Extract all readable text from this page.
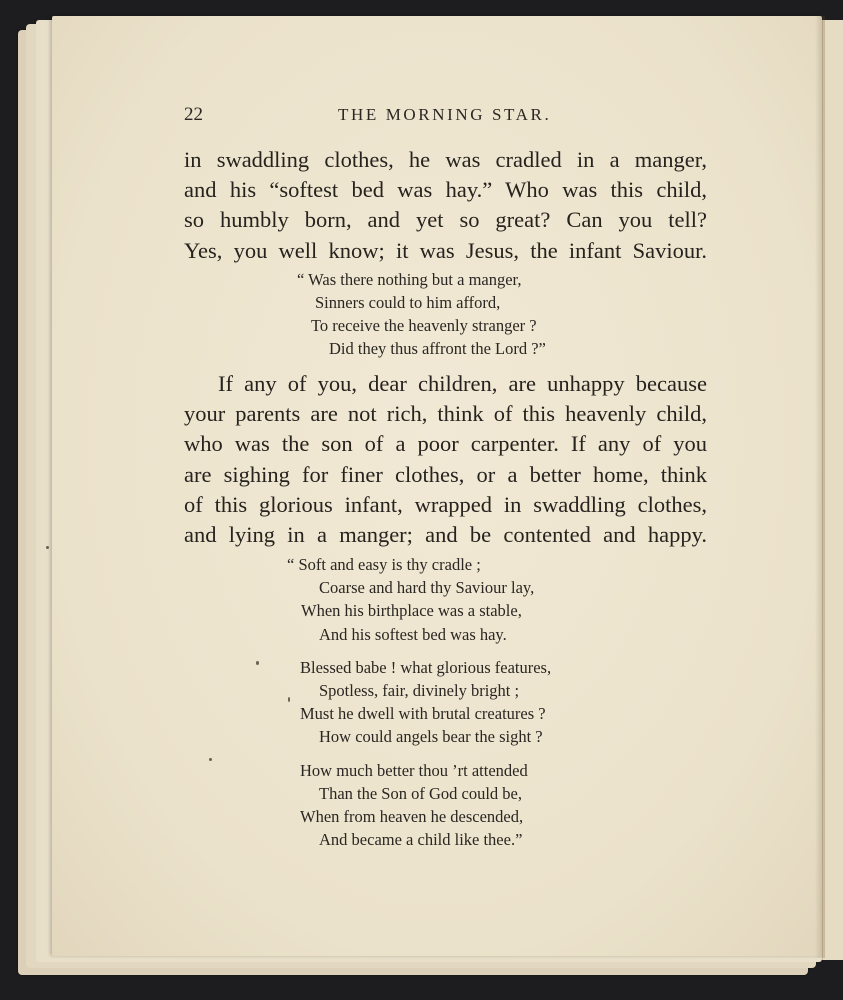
22	THE MORNING STAR.
in swaddling clothes, he was cradled in a manger,
and his “softest bed was hay.” Who was this child,
so humbly born, and yet so great? Can you tell?
Yes, you well know; it was Jesus, the infant Saviour.
“ Was there nothing but a manger,
Sinners could to him afford,
To receive the heavenly stranger ?
Did they thus affront the Lord ?”
If any of you, dear children, are unhappy because
your parents are not rich, think of this heavenly child,
who was the son of a poor carpenter. If any of you
are sighing for finer clothes, or a better home, think
of this glorious infant, wrapped in swaddling clothes,
and lying in a manger; and be contented and happy.
“ Soft and easy is thy cradle ;
Coarse and hard thy Saviour lay,
When his birthplace was a stable,
And his softest bed was hay.
Blessed babe ! what glorious features,
Spotless, fair, divinely bright ;
Must he dwell with brutal creatures ?
How could angels bear the sight ?
How much better thou ’rt attended
Than the Son of God could be,
When from heaven he descended,
And became a child like thee.”
